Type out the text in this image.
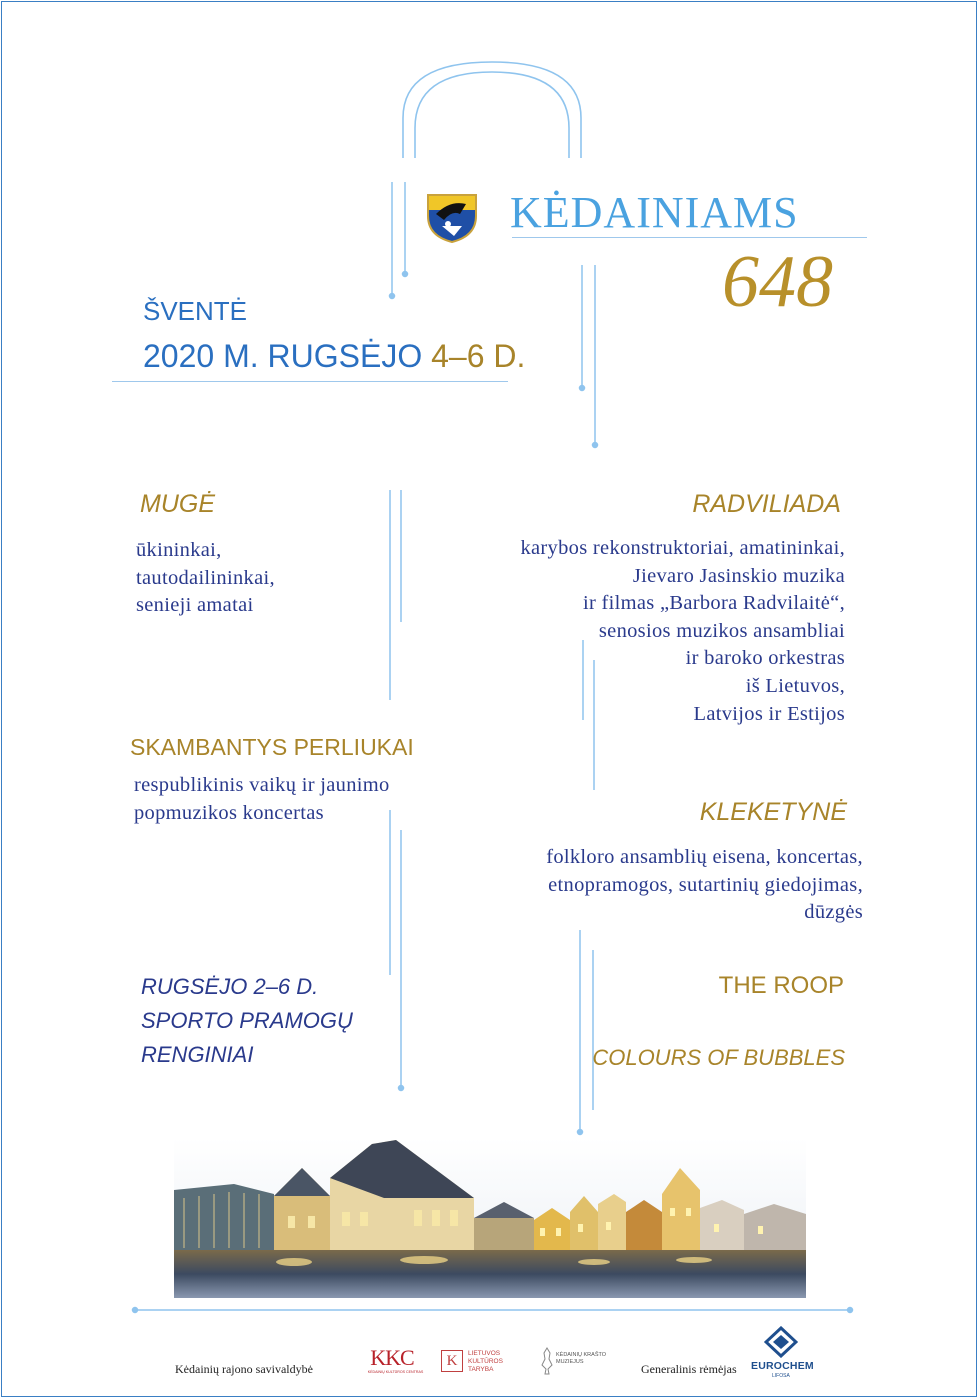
KĖDAINIAMS
648
ŠVENTĖ
2020 M. RUGSĖJO 4–6 D.
MUGĖ
ūkininkai,
tautodailininkai,
senieji amatai
SKAMBANTYS PERLIUKAI
respublikinis vaikų ir jaunimo
popmuzikos koncertas
RADVILIADA
karybos rekonstruktoriai, amatininkai,
Jievaro Jasinskio muzika
ir filmas „Barbora Radvilaitė“,
senosios muzikos ansambliai
ir baroko orkestras
iš Lietuvos,
Latvijos ir Estijos
KLEKETYNĖ
folkloro ansamblių eisena, koncertas,
etnopramogos, sutartinių giedojimas,
dūzgės
RUGSĖJO 2–6 D.
SPORTO PRAMOGŲ
RENGINIAI
THE ROOP
COLOURS OF BUBBLES
Kėdainių rajono savivaldybė	KKC
KĖDAINIŲ KULTŪROS CENTRAS
K	LIETUVOS
KULTŪROS
TARYBA
KĖDAINIŲ KRAŠTO
MUZIEJUS	Generalinis rėmėjas EUROCHEM
LIFOSA
